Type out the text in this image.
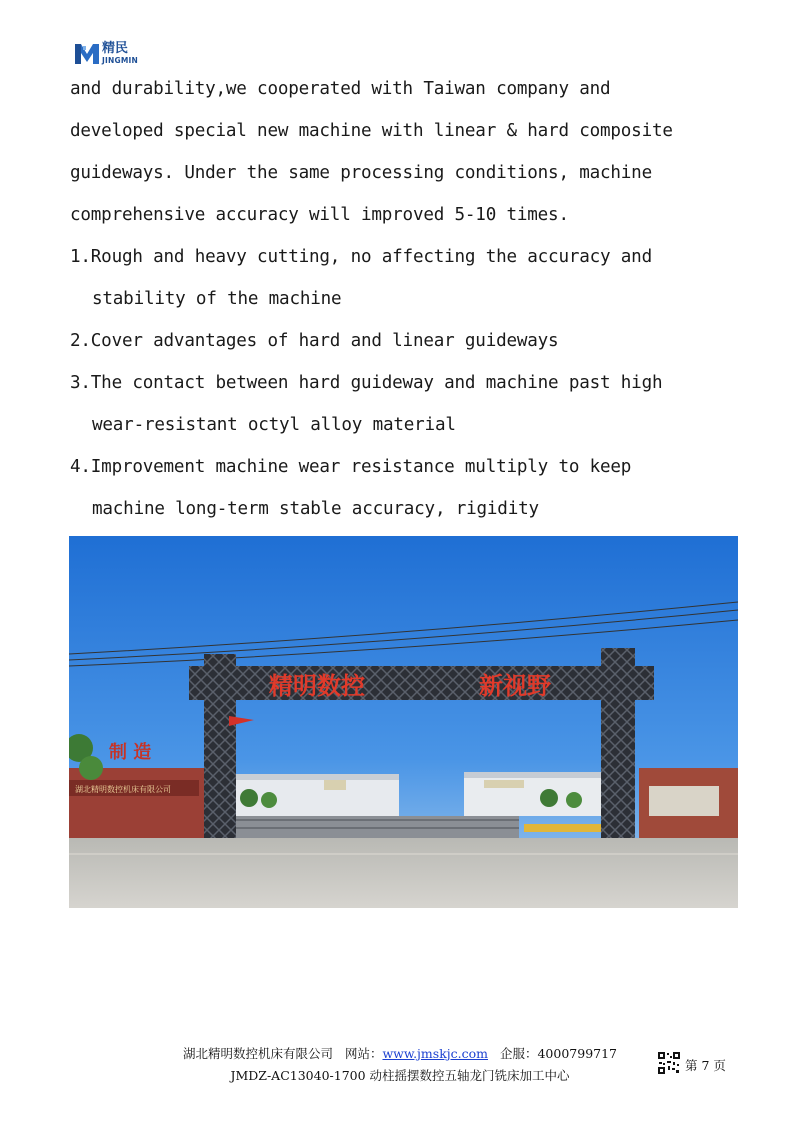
精民
JINGMIN
and durability,we cooperated with Taiwan company and
developed special new machine with linear & hard composite
guideways. Under the same processing conditions, machine
comprehensive accuracy will improved 5-10 times.
1.Rough and heavy cutting, no affecting the accuracy and
stability of the machine
2.Cover advantages of hard and linear guideways
3.The contact between hard guideway and machine past high
wear-resistant octyl alloy material
4.Improvement machine wear resistance multiply to keep
machine long-term stable accuracy, rigidity
湖北精明数控机床有限公司
精明数控	新视野
制 造
湖北精明数控机床有限公司 网站：www.jmskjc.com 企服：4000799717
JMDZ-AC13040-1700 动柱摇摆数控五轴龙门铣床加工中心
第 7 页
